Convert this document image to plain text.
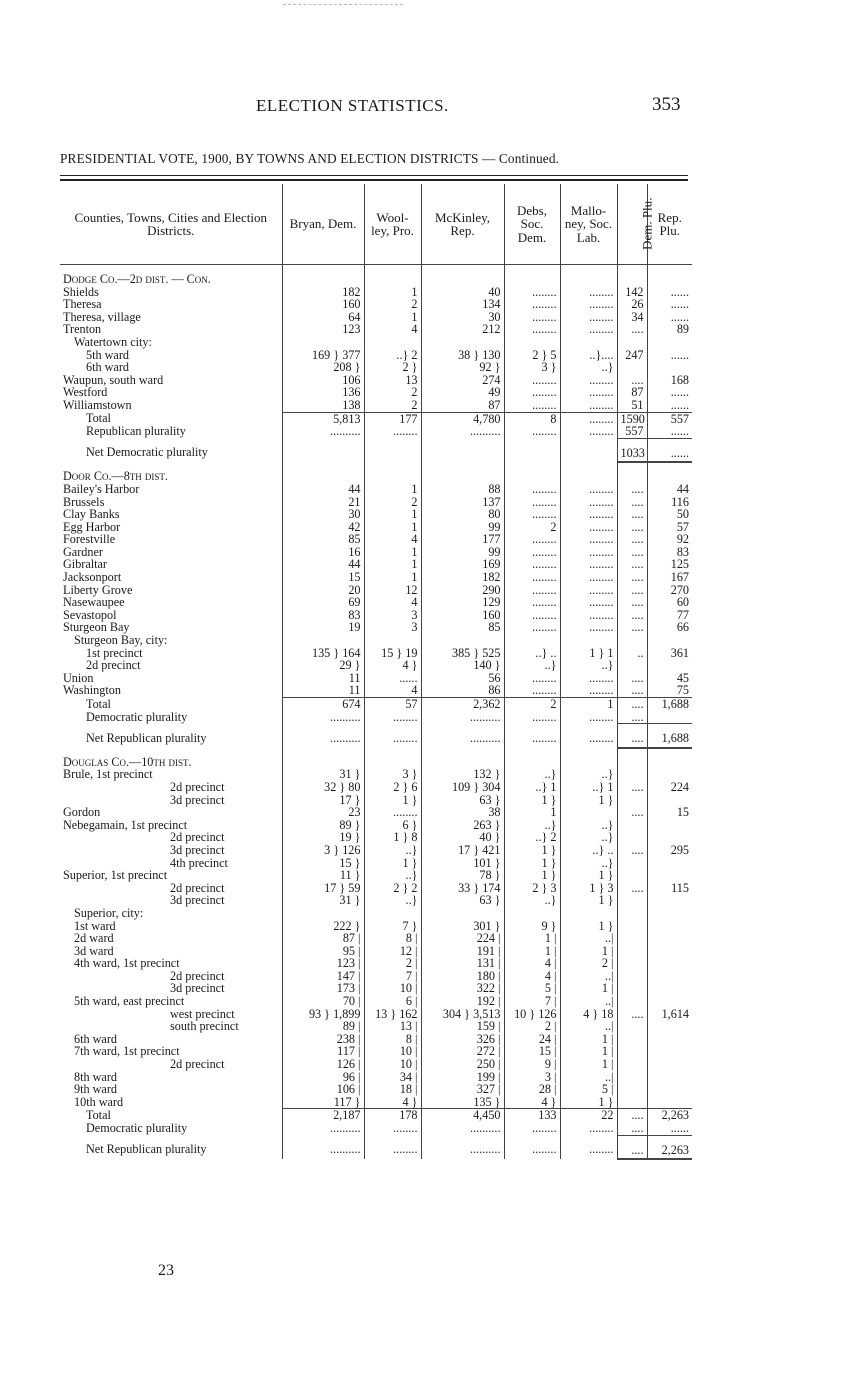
ELECTION STATISTICS.	353
PRESIDENTIAL VOTE, 1900, BY TOWNS AND ELECTION DISTRICTS — Continued.
Counties, Towns, Cities and Election Districts.	Bryan, Dem.	Wool-ley, Pro.	McKinley, Rep.	Debs, Soc. Dem.	Mallo-ney, Soc. Lab.	Dem. Plu.	Rep. Plu.
Dodge Co.—2d dist. — Con.							
Shields	182	1	40	........	........	142	......
Theresa	160	2	134	........	........	26	......
Theresa, village	64	1	30	........	........	34	......
Trenton	123	4	212	........	........	....	89
Watertown city:							
5th ward	169 } 377	..} 2	38 } 130	2 } 5	..}....	247	......
6th ward	208 }	2 }	92 }	3 }	..}		
Waupun, south ward	106	13	274	........	........	....	168
Westford	136	2	49	........	........	87	......
Williamstown	138	2	87	........	........	51	......
Total	5,813	177	4,780	8	........	1590	557
Republican plurality	..........	........	..........	........	........	557	......
Net Democratic plurality						1033	......
Door Co.—8th dist.							
Bailey's Harbor	44	1	88	........	........	....	44
Brussels	21	2	137	........	........	....	116
Clay Banks	30	1	80	........	........	....	50
Egg Harbor	42	1	99	2	........	....	57
Forestville	85	4	177	........	........	....	92
Gardner	16	1	99	........	........	....	83
Gibraltar	44	1	169	........	........	....	125
Jacksonport	15	1	182	........	........	....	167
Liberty Grove	20	12	290	........	........	....	270
Nasewaupee	69	4	129	........	........	....	60
Sevastopol	83	3	160	........	........	....	77
Sturgeon Bay	19	3	85	........	........	....	66
Sturgeon Bay, city:							
1st precinct	135 } 164	15 } 19	385 } 525	..} ..	1 } 1	..	361
2d precinct	29 }	4 }	140 }	..}	..}		
Union	11	......	56	........	........	....	45
Washington	11	4	86	........	........	....	75
Total	674	57	2,362	2	1	....	1,688
Democratic plurality	..........	........	..........	........	........	....	
Net Republican plurality	..........	........	..........	........	........	....	1,688
Douglas Co.—10th dist.							
Brule, 1st precinct	31 }	3 }	132 }	..}	..}		
2d precinct	32 } 80	2 } 6	109 } 304	..} 1	..} 1	....	224
3d precinct	17 }	1 }	63 }	1 }	1 }		
Gordon	23	........	38	1		....	15
Nebegamain, 1st precinct	89 }	6 }	263 }	..}	..}		
2d precinct	19 }	1 } 8	40 }	..} 2	..}		
3d precinct	3 } 126	..}	17 } 421	1 }	..} ..	....	295
4th precinct	15 }	1 }	101 }	1 }	..}		
Superior, 1st precinct	11 }	..}	78 }	1 }	1 }		
2d precinct	17 } 59	2 } 2	33 } 174	2 } 3	1 } 3	....	115
3d precinct	31 }	..}	63 }	..}	1 }		
Superior, city:							
1st ward	222 }	7 }	301 }	9 }	1 }		
2d ward	87 |	8 |	224 |	1 |	..|		
3d ward	95 |	12 |	191 |	1 |	1 |		
4th ward, 1st precinct	123 |	2 |	131 |	4 |	2 |		
2d precinct	147 |	7 |	180 |	4 |	..|		
3d precinct	173 |	10 |	322 |	5 |	1 |		
5th ward, east precinct	70 |	6 |	192 |	7 |	..|		
west precinct	93 } 1,899	13 } 162	304 } 3,513	10 } 126	4 } 18	....	1,614
south precinct	89 |	13 |	159 |	2 |	..|		
6th ward	238 |	8 |	326 |	24 |	1 |		
7th ward, 1st precinct	117 |	10 |	272 |	15 |	1 |		
2d precinct	126 |	10 |	250 |	9 |	1 |		
8th ward	96 |	34 |	199 |	3 |	..|		
9th ward	106 |	18 |	327 |	28 |	5 |		
10th ward	117 }	4 }	135 }	4 }	1 }		
Total	2,187	178	4,450	133	22	....	2,263
Democratic plurality	..........	........	..........	........	........	....	......
Net Republican plurality	..........	........	..........	........	........	....	2,263
23
